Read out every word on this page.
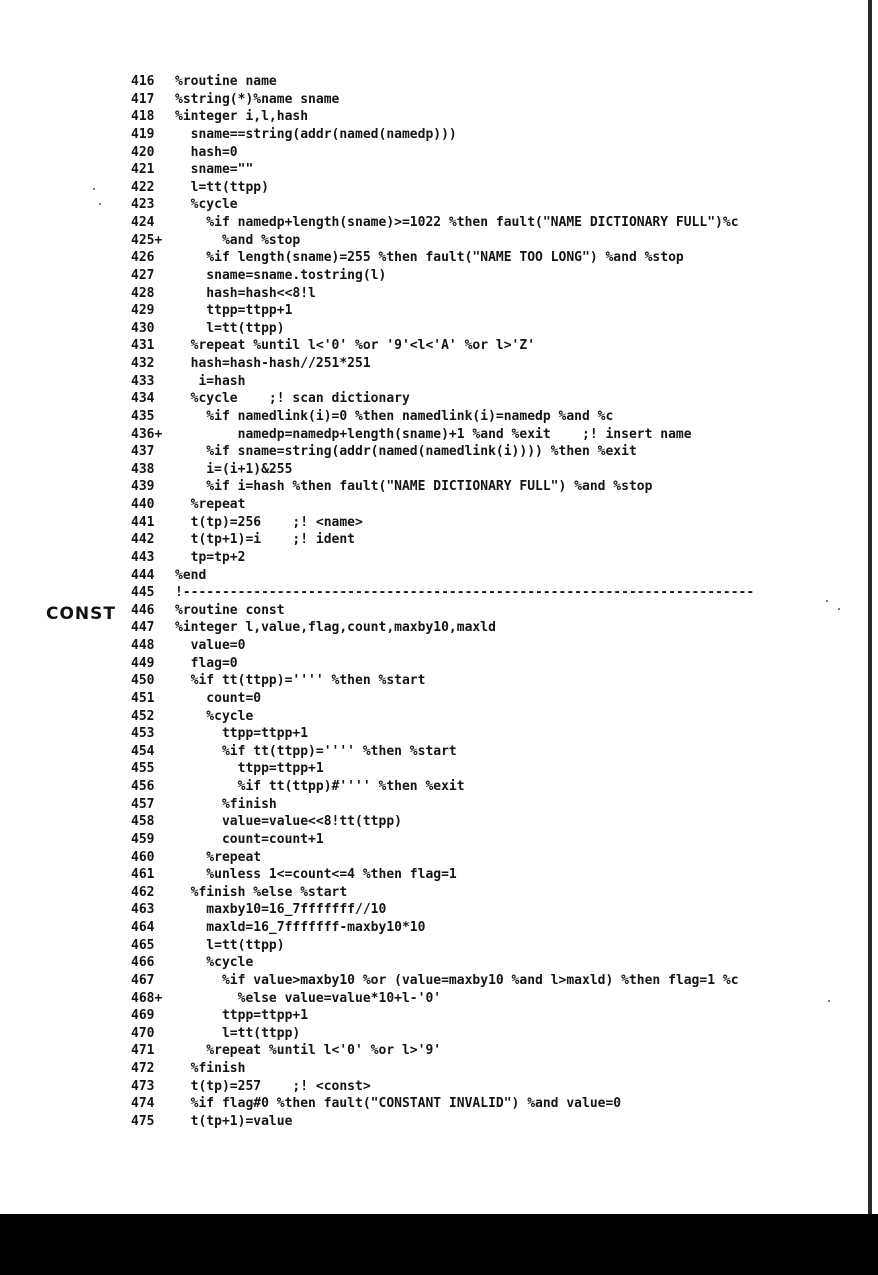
CONST
416 %routine name
417 %string(*)%name sname
418 %integer i,l,hash
419  sname==string(addr(named(namedp)))
420  hash=0
421  sname=""
422  l=tt(ttpp)
423  %cycle
424    %if namedp+length(sname)>=1022 %then fault("NAME DICTIONARY FULL")%c
425+      %and %stop
426    %if length(sname)=255 %then fault("NAME TOO LONG") %and %stop
427    sname=sname.tostring(l)
428    hash=hash<<8!l
429    ttpp=ttpp+1
430    l=tt(ttpp)
431  %repeat %until l<'0' %or '9'<l<'A' %or l>'Z'
432  hash=hash-hash//251*251
433   i=hash
434  %cycle    ;! scan dictionary
435    %if namedlink(i)=0 %then namedlink(i)=namedp %and %c
436+        namedp=namedp+length(sname)+1 %and %exit    ;! insert name
437    %if sname=string(addr(named(namedlink(i)))) %then %exit
438    i=(i+1)&255
439    %if i=hash %then fault("NAME DICTIONARY FULL") %and %stop
440  %repeat
441  t(tp)=256    ;! <name>
442  t(tp+1)=i    ;! ident
443  tp=tp+2
444 %end
445 !-------------------------------------------------------------------------
446 %routine const
447 %integer l,value,flag,count,maxby10,maxld
448  value=0
449  flag=0
450  %if tt(ttpp)='''' %then %start
451    count=0
452    %cycle
453      ttpp=ttpp+1
454      %if tt(ttpp)='''' %then %start
455        ttpp=ttpp+1
456        %if tt(ttpp)#'''' %then %exit
457      %finish
458      value=value<<8!tt(ttpp)
459      count=count+1
460    %repeat
461    %unless 1<=count<=4 %then flag=1
462  %finish %else %start
463    maxby10=16_7fffffff//10
464    maxld=16_7fffffff-maxby10*10
465    l=tt(ttpp)
466    %cycle
467      %if value>maxby10 %or (value=maxby10 %and l>maxld) %then flag=1 %c
468+        %else value=value*10+l-'0'
469      ttpp=ttpp+1
470      l=tt(ttpp)
471    %repeat %until l<'0' %or l>'9'
472  %finish
473  t(tp)=257    ;! <const>
474  %if flag#0 %then fault("CONSTANT INVALID") %and value=0
475  t(tp+1)=value
